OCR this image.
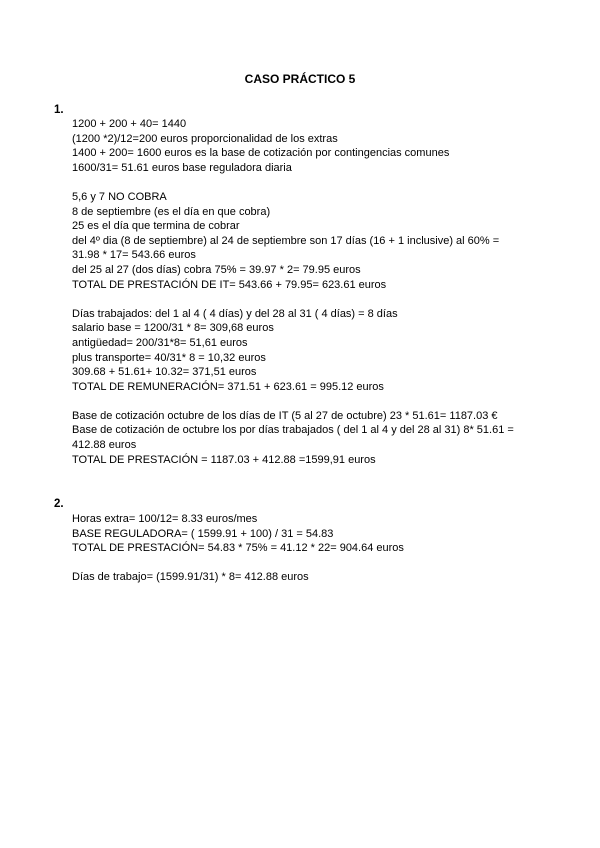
CASO PRÁCTICO 5
1.
1200 + 200 + 40= 1440
(1200 *2)/12=200 euros proporcionalidad de los extras
1400 + 200= 1600 euros es la base de cotización por contingencias comunes
1600/31= 51.61 euros base reguladora diaria
5,6 y 7 NO COBRA
8 de septiembre (es el día en que cobra)
25 es el día que termina de cobrar
del 4º dia (8 de septiembre) al 24 de septiembre son 17 días (16 + 1 inclusive) al 60% =
31.98 * 17= 543.66 euros
del 25 al 27 (dos días) cobra 75% = 39.97 * 2= 79.95 euros
TOTAL DE PRESTACIÓN DE IT= 543.66 + 79.95= 623.61 euros
Días trabajados: del 1 al 4 ( 4 días) y del 28 al 31 ( 4 días) = 8 días
salario base = 1200/31 * 8= 309,68 euros
antigüedad= 200/31*8= 51,61 euros
plus transporte= 40/31* 8 = 10,32 euros
309.68 + 51.61+ 10.32= 371,51 euros
TOTAL DE REMUNERACIÓN= 371.51 + 623.61 = 995.12 euros
Base de cotización octubre de los días de IT (5 al 27 de octubre) 23 * 51.61= 1187.03 €
Base de cotización de octubre los por días trabajados ( del 1 al 4 y del 28 al 31) 8* 51.61 =
412.88 euros
TOTAL DE PRESTACIÓN = 1187.03 + 412.88 =1599,91 euros
2.
Horas extra= 100/12= 8.33 euros/mes
BASE REGULADORA= ( 1599.91 + 100) / 31 = 54.83
TOTAL DE PRESTACIÓN= 54.83 * 75% = 41.12 * 22= 904.64 euros
Días de trabajo= (1599.91/31) * 8= 412.88 euros
